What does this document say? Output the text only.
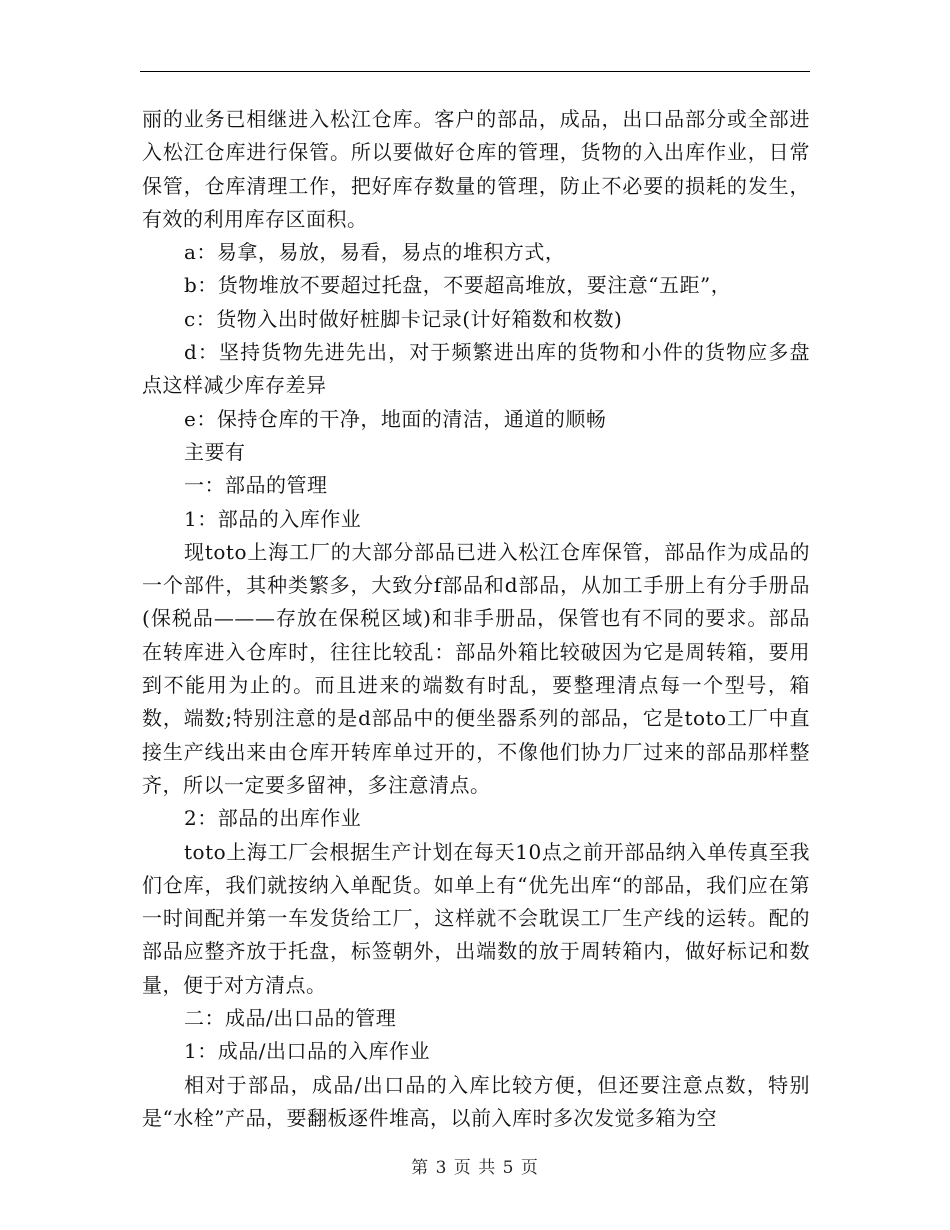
丽的业务已相继进入松江仓库。客户的部品，成品，出口品部分或全部进入松江仓库进行保管。所以要做好仓库的管理，货物的入出库作业，日常保管，仓库清理工作，把好库存数量的管理，防止不必要的损耗的发生，有效的利用库存区面积。

a：易拿，易放，易看，易点的堆积方式，

b：货物堆放不要超过托盘，不要超高堆放，要注意“五距”，

c：货物入出时做好桩脚卡记录(计好箱数和枚数)

d：坚持货物先进先出，对于频繁进出库的货物和小件的货物应多盘点这样减少库存差异

e：保持仓库的干净，地面的清洁，通道的顺畅

主要有

一：部品的管理

1：部品的入库作业

现toto上海工厂的大部分部品已进入松江仓库保管，部品作为成品的一个部件，其种类繁多，大致分f部品和d部品，从加工手册上有分手册品(保税品———存放在保税区域)和非手册品，保管也有不同的要求。部品在转库进入仓库时，往往比较乱：部品外箱比较破因为它是周转箱，要用到不能用为止的。而且进来的端数有时乱，要整理清点每一个型号，箱数，端数;特别注意的是d部品中的便坐器系列的部品，它是toto工厂中直接生产线出来由仓库开转库单过开的，不像他们协力厂过来的部品那样整齐，所以一定要多留神，多注意清点。

2：部品的出库作业

toto上海工厂会根据生产计划在每天10点之前开部品纳入单传真至我们仓库，我们就按纳入单配货。如单上有“优先出库“的部品，我们应在第一时间配并第一车发货给工厂，这样就不会耽误工厂生产线的运转。配的部品应整齐放于托盘，标签朝外，出端数的放于周转箱内，做好标记和数量，便于对方清点。

二：成品/出口品的管理

1：成品/出口品的入库作业

相对于部品，成品/出口品的入库比较方便，但还要注意点数，特别是“水栓”产品，要翻板逐件堆高，以前入库时多次发觉多箱为空

第 3 页 共 5 页
